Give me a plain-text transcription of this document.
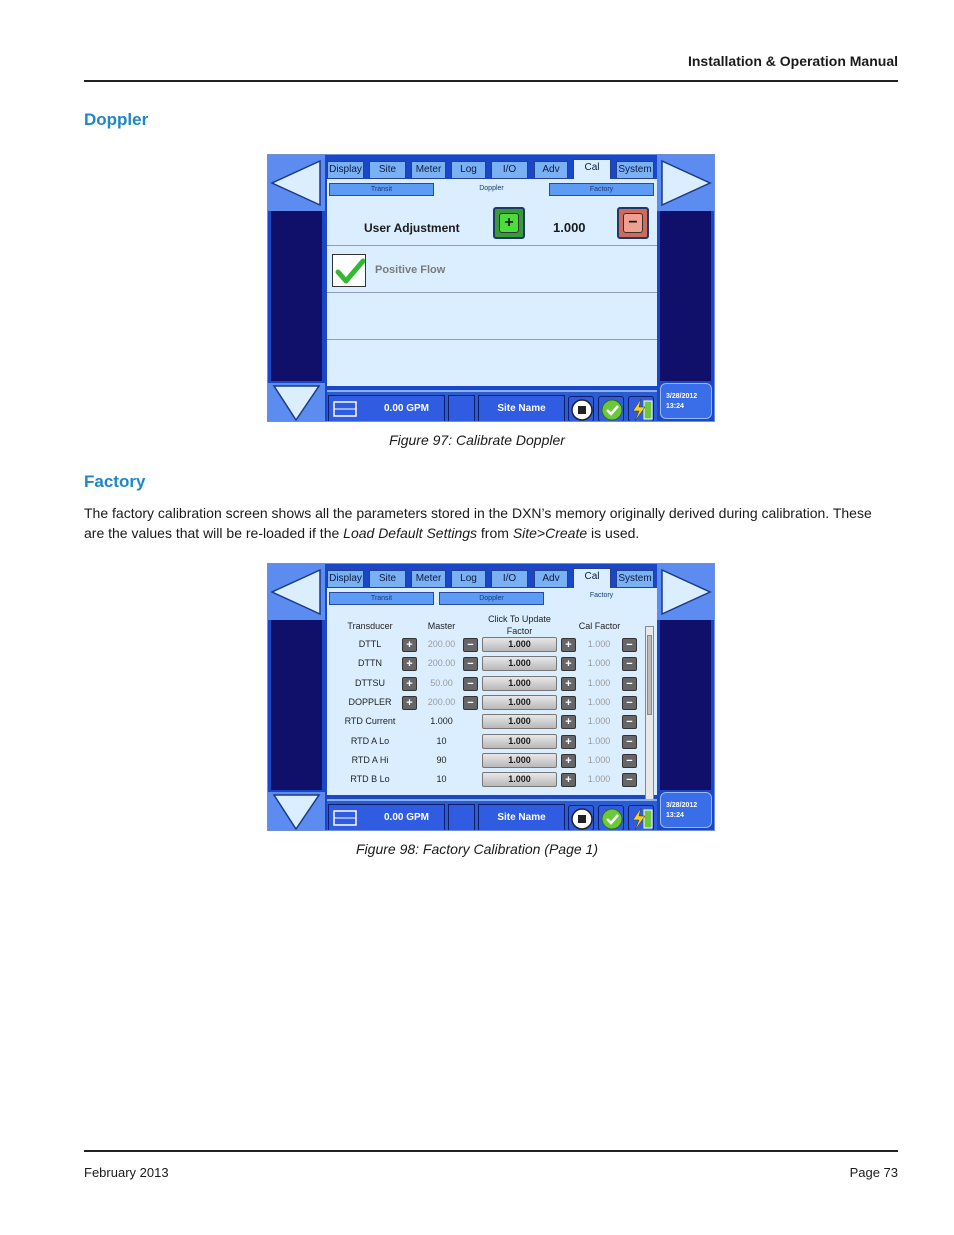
Installation & Operation Manual
Doppler
Display	Site	Meter	Log	I/O	Adv	Cal	System
Transit	Doppler	Factory
User Adjustment	+	1.000	−
Positive Flow
0.00 GPM	Site Name
3/28/2012
13:24
Figure 97: Calibrate Doppler
Factory
The factory calibration screen shows all the parameters stored in the DXN’s memory originally derived during calibration. These are the values that will be re-loaded if the Load Default Settings from Site>Create is used.
Display	Site	Meter	Log	I/O	Adv	Cal	System
Transit	Doppler	Factory
Transducer	Master
Click To Update Factor	Cal Factor
DTTL	+	200.00	−	1.000	+	1.000	−
DTTN	+	200.00	−	1.000	+	1.000	−
DTTSU	+	50.00	−	1.000	+	1.000	−
DOPPLER	+	200.00	−	1.000	+	1.000	−
RTD Current	1.000	1.000	+	1.000	−
RTD A Lo	10	1.000	+	1.000	−
RTD A Hi	90	1.000	+	1.000	−
RTD B Lo	10	1.000	+	1.000	−
0.00 GPM	Site Name
3/28/2012
13:24
Figure 98: Factory Calibration (Page 1)
February 2013	Page 73
